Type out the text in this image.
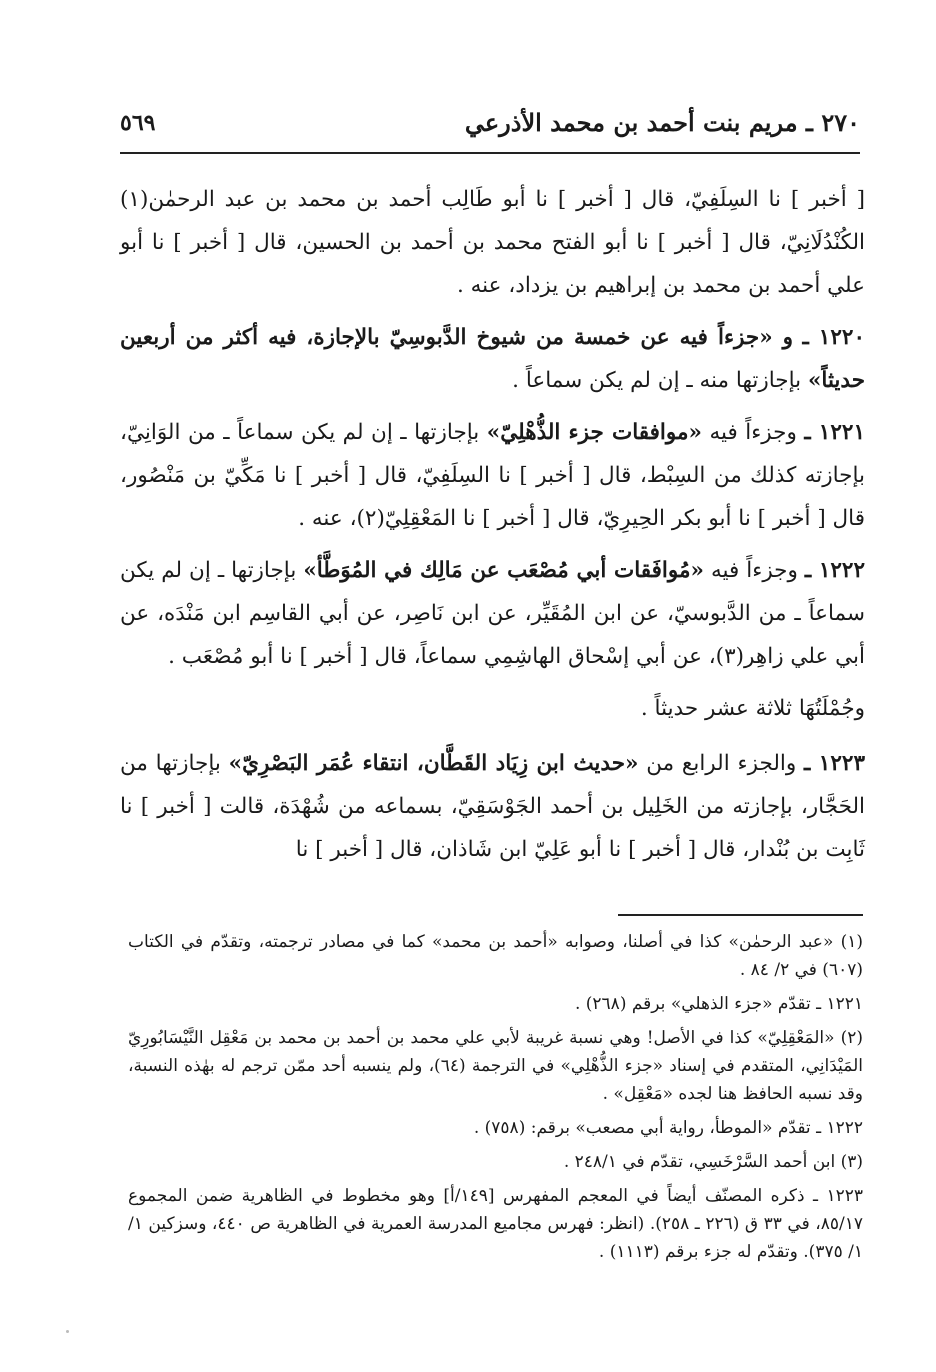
٢٧٠ ـ مريم بنت أحمد بن محمد الأذرعي
٥٦٩

[ أخبر ] نا السِلَفِيّ، قال [ أخبر ] نا أبو طَالِب أحمد بن محمد بن عبد الرحمٰن(١) الكُنْدُلَانِيّ، قال [ أخبر ] نا أبو الفتح محمد بن أحمد بن الحسين، قال [ أخبر ] نا أبو علي أحمد بن محمد بن إبراهيم بن يزداد، عنه .

١٢٢٠ ـ و «جزءاً فيه عن خمسة من شيوخ الدَّبوسِيّ بالإجازة، فيه أكثر من أربعين حديثاً» بإجازتها منه ـ إن لم يكن سماعاً .

١٢٢١ ـ وجزءاً فيه «موافقات جزء الذُّهْلِيّ» بإجازتها ـ إن لم يكن سماعاً ـ من الوَانِيّ، بإجازته كذلك من السِبْط، قال [ أخبر ] نا السِلَفِيّ، قال [ أخبر ] نا مَكِّيّ بن مَنْصُور، قال [ أخبر ] نا أبو بكر الحِيرِيّ، قال [ أخبر ] نا المَعْقِلِيّ(٢)، عنه .

١٢٢٢ ـ وجزءاً فيه «مُوافَقات أبي مُصْعَب عن مَالِك في المُوَطَّأ» بإجازتها ـ إن لم يكن سماعاً ـ من الدَّبوسيّ، عن ابن المُقَيِّر، عن ابن نَاصِر، عن أبي القاسِم ابن مَنْدَه، عن أبي علي زاهِر(٣)، عن أبي إسْحاق الهاشِمِي سماعاً، قال [ أخبر ] نا أبو مُصْعَب .

وجُمْلَتُهَا ثلاثة عشر حديثاً .

١٢٢٣ ـ والجزء الرابع من «حديث ابن زِيَاد القَطَّان، انتقاء عُمَر البَصْرِيّ» بإجازتها من الحَجَّار، بإجازته من الخَلِيل بن أحمد الجَوْسَقِيّ، بسماعه من شُهْدَة، قالت [ أخبر ] نا ثَابِت بن بُنْدار، قال [ أخبر ] نا أبو عَلِيّ ابن شَاذان، قال [ أخبر ] نا

(١) «عبد الرحمٰن» كذا في أصلنا، وصوابه «أحمد بن محمد» كما في مصادر ترجمته، وتقدّم في الكتاب (٦٠٧) في ٢/ ٨٤ .

١٢٢١ ـ تقدّم «جزء الذهلي» برقم (٢٦٨) .

(٢) «المَعْقِلِيّ» كذا في الأصل! وهي نسبة غريبة لأبي علي محمد بن أحمد بن محمد بن مَعْقِل النَّيْسَابُورِيّ المَيْدَانِي، المتقدم في إسناد «جزء الذُّهْلِي» في الترجمة (٦٤)، ولم ينسبه أحد ممّن ترجم له بهٰذه النسبة، وقد نسبه الحافظ هنا لجده «مَعْقِل» .

١٢٢٢ ـ تقدّم «الموطأ، رواية أبي مصعب» برقم: (٧٥٨) .

(٣) ابن أحمد السَّرْخَسِي، تقدّم في ٢٤٨/١ .

١٢٢٣ ـ ذكره المصنّف أيضاً في المعجم المفهرس [١٤٩/أ] وهو مخطوط في الظاهرية ضمن المجموع ٨٥/١٧، في ٣٣ ق (٢٢٦ ـ ٢٥٨). (انظر: فهرس مجاميع المدرسة العمرية في الظاهرية ص ٤٤٠، وسزكين ١/ ١/ ٣٧٥). وتقدّم له جزء برقم (١١١٣) .
